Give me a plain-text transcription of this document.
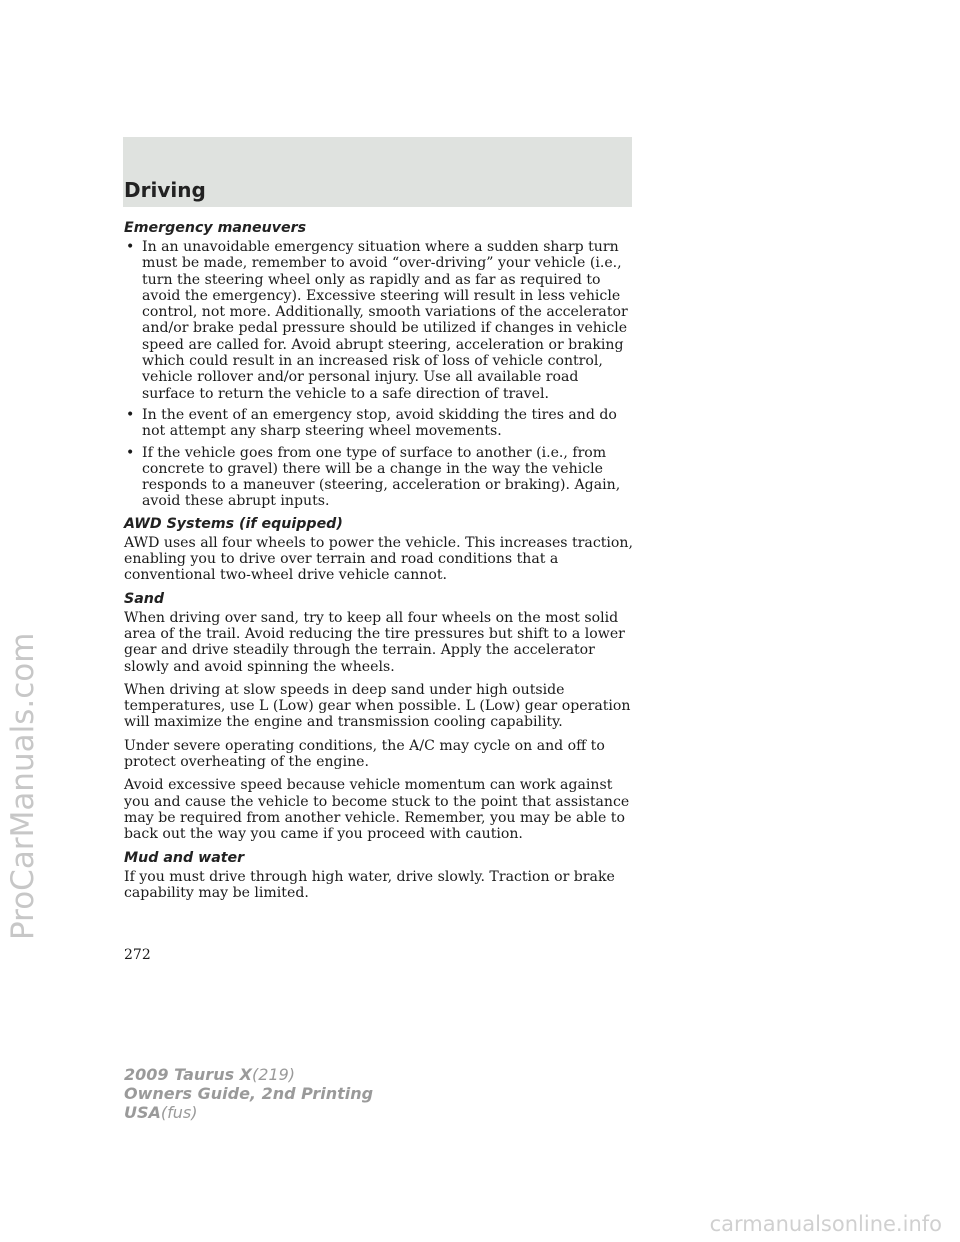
Driving
Emergency maneuvers
• In an unavoidable emergency situation where a sudden sharp turn must be made, remember to avoid “over-driving” your vehicle (i.e., turn the steering wheel only as rapidly and as far as required to avoid the emergency). Excessive steering will result in less vehicle control, not more. Additionally, smooth variations of the accelerator and/or brake pedal pressure should be utilized if changes in vehicle speed are called for. Avoid abrupt steering, acceleration or braking which could result in an increased risk of loss of vehicle control, vehicle rollover and/or personal injury. Use all available road surface to return the vehicle to a safe direction of travel.
• In the event of an emergency stop, avoid skidding the tires and do not attempt any sharp steering wheel movements.
• If the vehicle goes from one type of surface to another (i.e., from concrete to gravel) there will be a change in the way the vehicle responds to a maneuver (steering, acceleration or braking). Again, avoid these abrupt inputs.
AWD Systems (if equipped)

AWD uses all four wheels to power the vehicle. This increases traction, enabling you to drive over terrain and road conditions that a conventional two-wheel drive vehicle cannot.

Sand

When driving over sand, try to keep all four wheels on the most solid area of the trail. Avoid reducing the tire pressures but shift to a lower gear and drive steadily through the terrain. Apply the accelerator slowly and avoid spinning the wheels.

When driving at slow speeds in deep sand under high outside temperatures, use L (Low) gear when possible. L (Low) gear operation will maximize the engine and transmission cooling capability.

Under severe operating conditions, the A/C may cycle on and off to protect overheating of the engine.

Avoid excessive speed because vehicle momentum can work against you and cause the vehicle to become stuck to the point that assistance may be required from another vehicle. Remember, you may be able to back out the way you came if you proceed with caution.

Mud and water

If you must drive through high water, drive slowly. Traction or brake capability may be limited.

272
2009 Taurus X(219)
Owners Guide, 2nd Printing
USA(fus)
ProCarManuals.com
carmanualsonline.info
